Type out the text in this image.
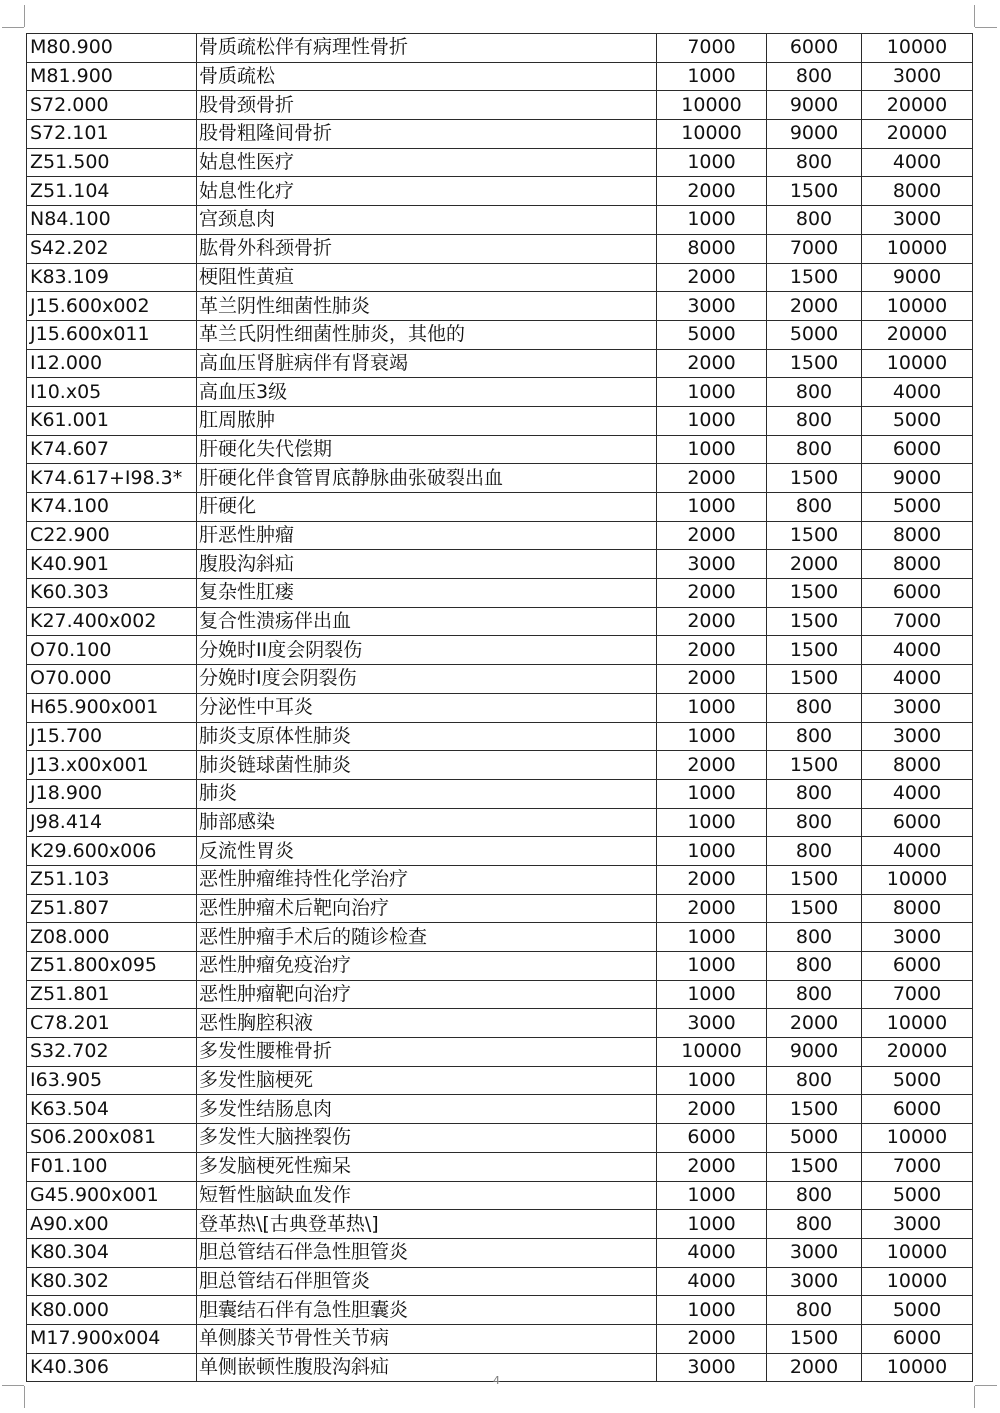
M80.900	骨质疏松伴有病理性骨折	7000	6000	10000
M81.900	骨质疏松	1000	800	3000
S72.000	股骨颈骨折	10000	9000	20000
S72.101	股骨粗隆间骨折	10000	9000	20000
Z51.500	姑息性医疗	1000	800	4000
Z51.104	姑息性化疗	2000	1500	8000
N84.100	宫颈息肉	1000	800	3000
S42.202	肱骨外科颈骨折	8000	7000	10000
K83.109	梗阻性黄疸	2000	1500	9000
J15.600x002	革兰阴性细菌性肺炎	3000	2000	10000
J15.600x011	革兰氏阴性细菌性肺炎，其他的	5000	5000	20000
I12.000	高血压肾脏病伴有肾衰竭	2000	1500	10000
I10.x05	高血压3级	1000	800	4000
K61.001	肛周脓肿	1000	800	5000
K74.607	肝硬化失代偿期	1000	800	6000
K74.617+I98.3*	肝硬化伴食管胃底静脉曲张破裂出血	2000	1500	9000
K74.100	肝硬化	1000	800	5000
C22.900	肝恶性肿瘤	2000	1500	8000
K40.901	腹股沟斜疝	3000	2000	8000
K60.303	复杂性肛瘘	2000	1500	6000
K27.400x002	复合性溃疡伴出血	2000	1500	7000
O70.100	分娩时II度会阴裂伤	2000	1500	4000
O70.000	分娩时I度会阴裂伤	2000	1500	4000
H65.900x001	分泌性中耳炎	1000	800	3000
J15.700	肺炎支原体性肺炎	1000	800	3000
J13.x00x001	肺炎链球菌性肺炎	2000	1500	8000
J18.900	肺炎	1000	800	4000
J98.414	肺部感染	1000	800	6000
K29.600x006	反流性胃炎	1000	800	4000
Z51.103	恶性肿瘤维持性化学治疗	2000	1500	10000
Z51.807	恶性肿瘤术后靶向治疗	2000	1500	8000
Z08.000	恶性肿瘤手术后的随诊检查	1000	800	3000
Z51.800x095	恶性肿瘤免疫治疗	1000	800	6000
Z51.801	恶性肿瘤靶向治疗	1000	800	7000
C78.201	恶性胸腔积液	3000	2000	10000
S32.702	多发性腰椎骨折	10000	9000	20000
I63.905	多发性脑梗死	1000	800	5000
K63.504	多发性结肠息肉	2000	1500	6000
S06.200x081	多发性大脑挫裂伤	6000	5000	10000
F01.100	多发脑梗死性痴呆	2000	1500	7000
G45.900x001	短暂性脑缺血发作	1000	800	5000
A90.x00	登革热\[古典登革热\]	1000	800	3000
K80.304	胆总管结石伴急性胆管炎	4000	3000	10000
K80.302	胆总管结石伴胆管炎	4000	3000	10000
K80.000	胆囊结石伴有急性胆囊炎	1000	800	5000
M17.900x004	单侧膝关节骨性关节病	2000	1500	6000
K40.306	单侧嵌顿性腹股沟斜疝	3000	2000	10000
4
